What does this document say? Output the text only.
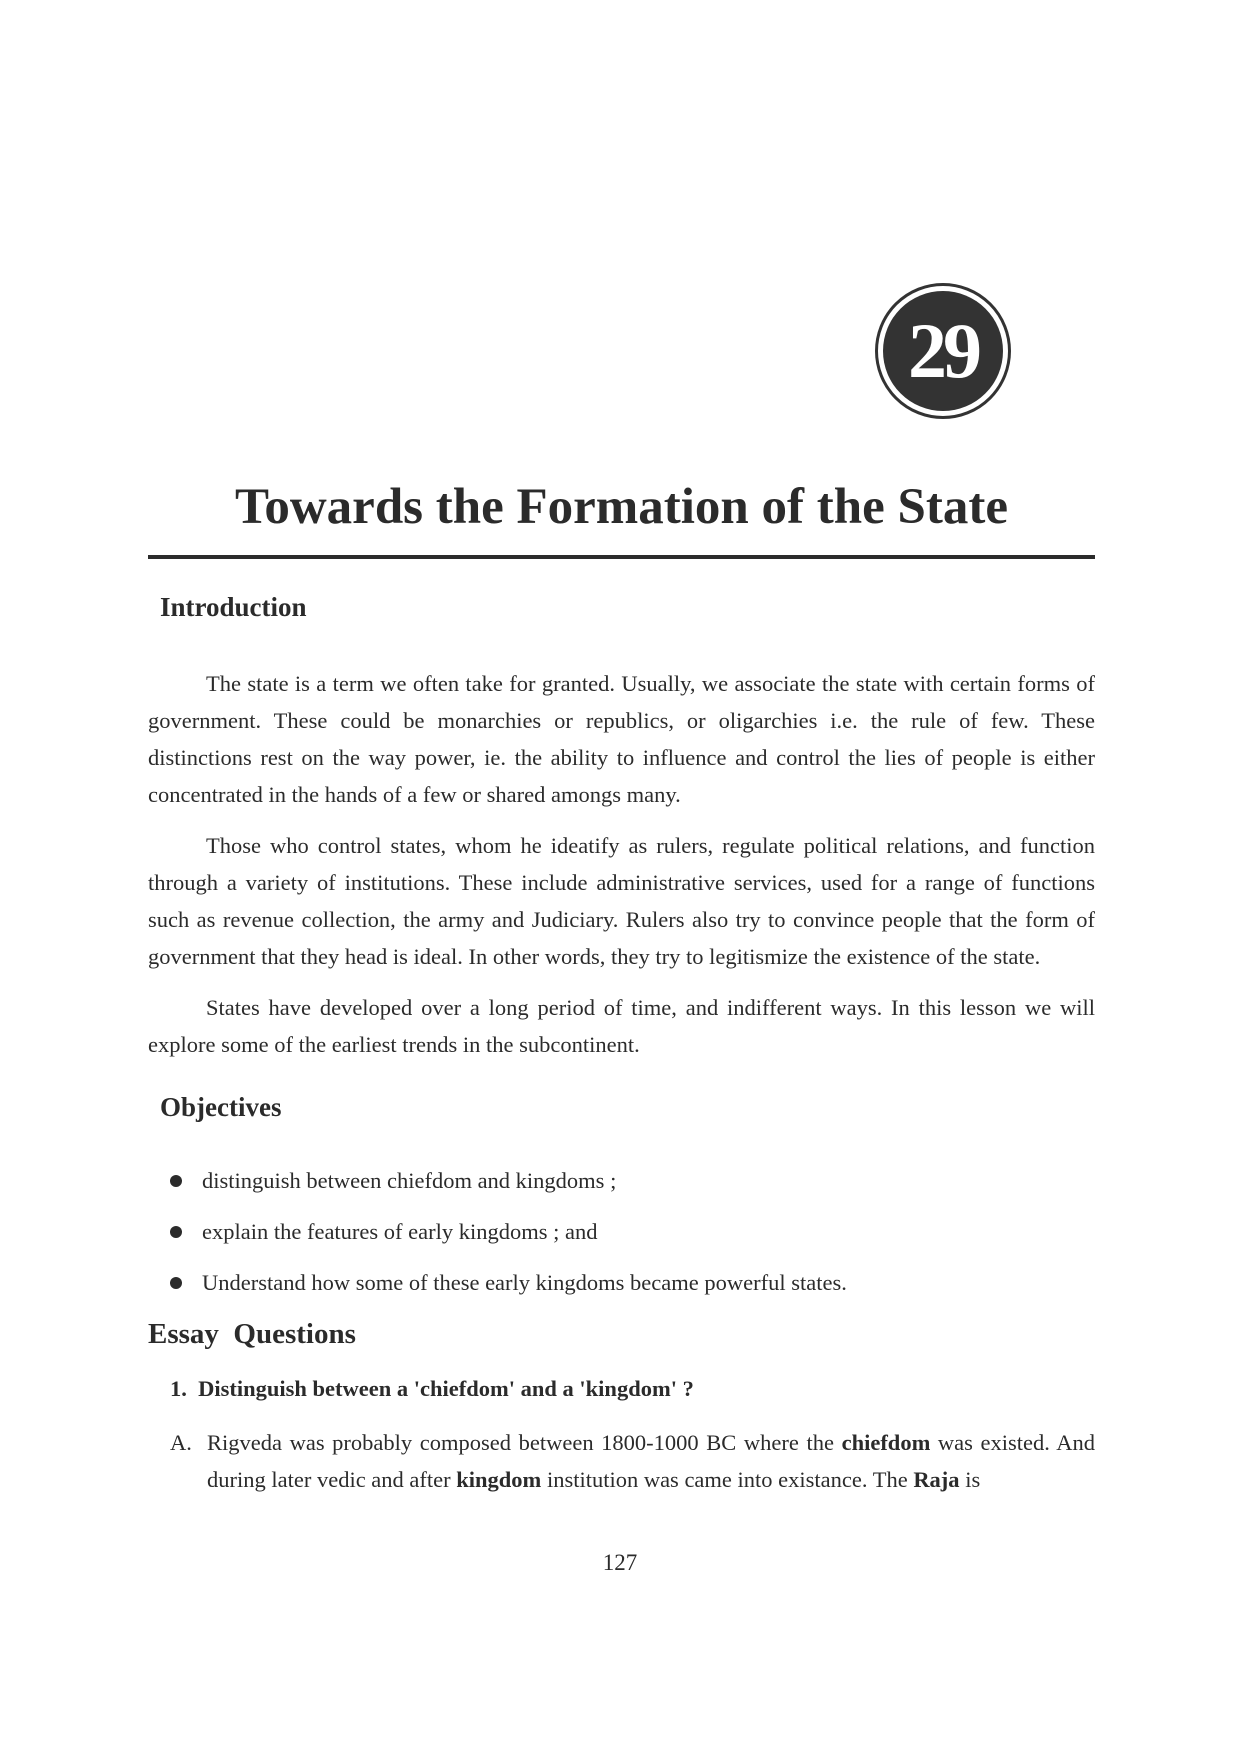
29
Towards the Formation of the State
Introduction

The state is a term we often take for granted. Usually, we associate the state with certain forms of government. These could be monarchies or republics, or oligarchies i.e. the rule of few. These distinctions rest on the way power, ie. the ability to influence and control the lies of people is either concentrated in the hands of a few or shared amongs many.

Those who control states, whom he ideatify as rulers, regulate political relations, and function through a variety of institutions. These include administrative services, used for a range of functions such as revenue collection, the army and Judiciary. Rulers also try to convince people that the form of government that they head is ideal. In other words, they try to legitismize the existence of the state.

States have developed over a long period of time, and indifferent ways. In this lesson we will explore some of the earliest trends in the subcontinent.

Objectives
distinguish between chiefdom and kingdoms ;
explain the features of early kingdoms ; and
Understand how some of these early kingdoms became powerful states.
Essay  Questions

1. Distinguish between a 'chiefdom' and a 'kingdom' ?

A. Rigveda was probably composed between 1800-1000 BC where the chiefdom was existed. And during later vedic and after kingdom institution was came into existance. The Raja is

127
